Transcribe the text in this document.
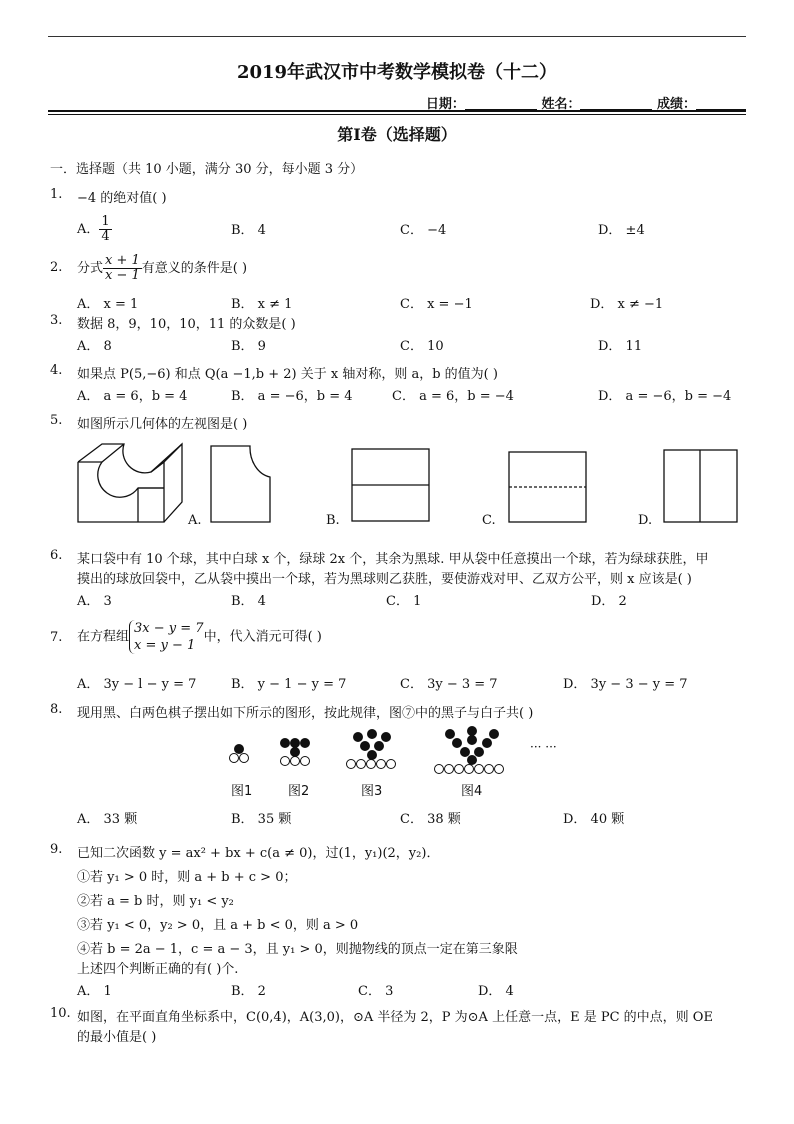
2019年武汉市中考数学模拟卷（十二）
日期：	姓名：	成绩：
第Ⅰ卷（选择题）
一．选择题（共 10 小题，满分 30 分，每小题 3 分）
1.	−4 的绝对值( )
A． $\frac{1}{4}$	B． 4	C． −4	D． ±4
2.	分式 $\frac{x + 1}{x - 1}$ 有意义的条件是( )
A． x = 1	B． x ≠ 1	C． x = −1	D． x ≠ −1
3.	数据 8，9，10，10，11 的众数是( )
A． 8	B． 9	C． 10	D． 11
4.	如果点 P(5,−6) 和点 Q(a −1,b + 2) 关于 x 轴对称，则 a，b 的值为( )
A． a = 6，b = 4	B． a = −6，b = 4	C． a = 6，b = −4	D． a = −6，b = −4
5.	如图所示几何体的左视图是( )
A.	B.	C.	D.
6.	某口袋中有 10 个球，其中白球 x 个，绿球 2x 个，其余为黑球. 甲从袋中任意摸出一个球，若为绿球获胜，甲
摸出的球放回袋中，乙从袋中摸出一个球，若为黑球则乙获胜，要使游戏对甲、乙双方公平，则 x 应该是( )
A． 3	B． 4	C． 1	D． 2
7.	在方程组
3x − y = 7
x = y − 1
中，代入消元可得( )
A． 3y − l − y = 7	B． y − 1 − y = 7	C． 3y − 3 = 7	D． 3y − 3 − y = 7
8.	现用黑、白两色棋子摆出如下所示的图形，按此规律，图⑦中的黑子与白子共( )
··· ···
图1	图2	图3	图4
A． 33 颗	B． 35 颗	C． 38 颗	D． 40 颗
9.	已知二次函数 y = ax² + bx + c(a ≠ 0)，过(1，y₁)(2，y₂)．
①若 y₁ > 0 时，则 a + b + c > 0；
②若 a = b 时，则 y₁ < y₂
③若 y₁ < 0，y₂ > 0，且 a + b < 0，则 a > 0
④若 b = 2a − 1，c = a − 3，且 y₁ > 0，则抛物线的顶点一定在第三象限
上述四个判断正确的有( )个.
A． 1	B． 2	C． 3	D． 4
10. 如图，在平面直角坐标系中，C(0,4)，A(3,0)，⊙A 半径为 2，P 为⊙A 上任意一点，E 是 PC 的中点，则 OE
的最小值是( )
